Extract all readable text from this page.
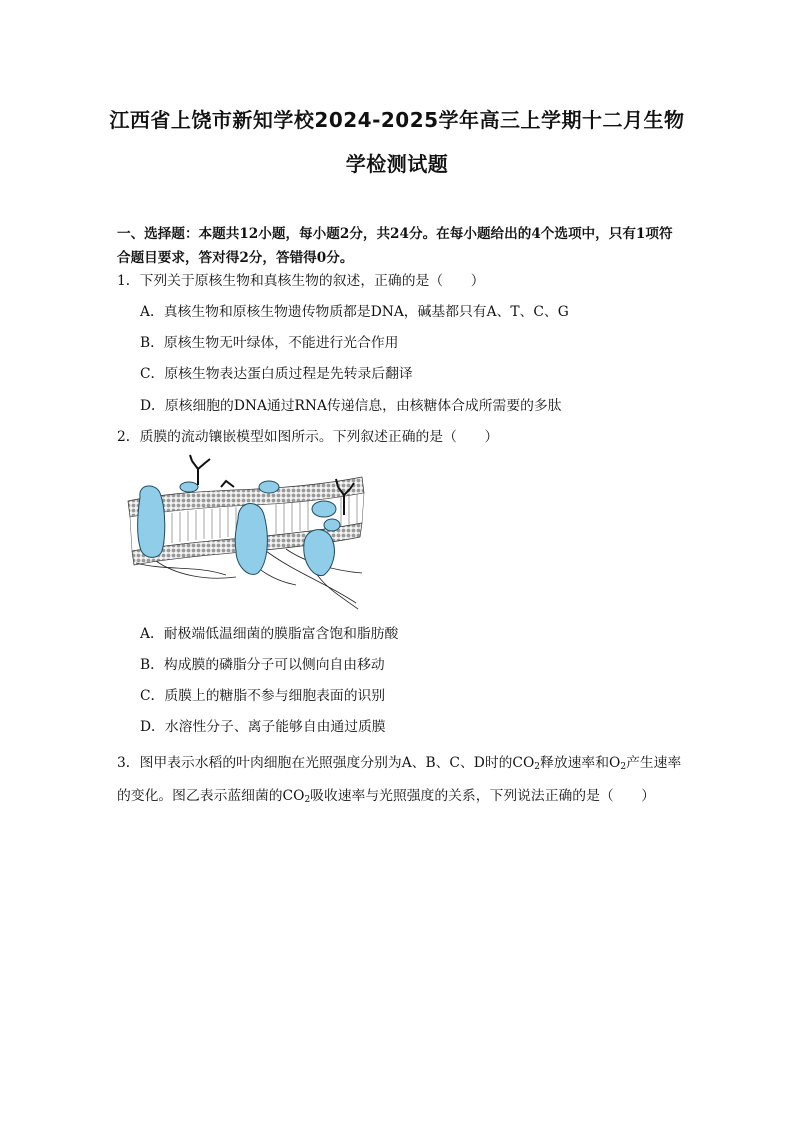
江西省上饶市新知学校2024-2025学年高三上学期十二月生物
学检测试题
一、选择题：本题共12小题，每小题2分，共24分。在每小题给出的4个选项中，只有1项符合题目要求，答对得2分，答错得0分。
1．下列关于原核生物和真核生物的叙述，正确的是（　　）
A．真核生物和原核生物遗传物质都是DNA，碱基都只有A、T、C、G
B．原核生物无叶绿体，不能进行光合作用
C．原核生物表达蛋白质过程是先转录后翻译
D．原核细胞的DNA通过RNA传递信息，由核糖体合成所需要的多肽
2．质膜的流动镶嵌模型如图所示。下列叙述正确的是（　　）
A．耐极端低温细菌的膜脂富含饱和脂肪酸
B．构成膜的磷脂分子可以侧向自由移动
C．质膜上的糖脂不参与细胞表面的识别
D．水溶性分子、离子能够自由通过质膜
3．图甲表示水稻的叶肉细胞在光照强度分别为A、B、C、D时的$CO_2$释放速率和$O_2$产生速率的变化。图乙表示蓝细菌的$CO_2$吸收速率与光照强度的关系，下列说法正确的是（　　）
